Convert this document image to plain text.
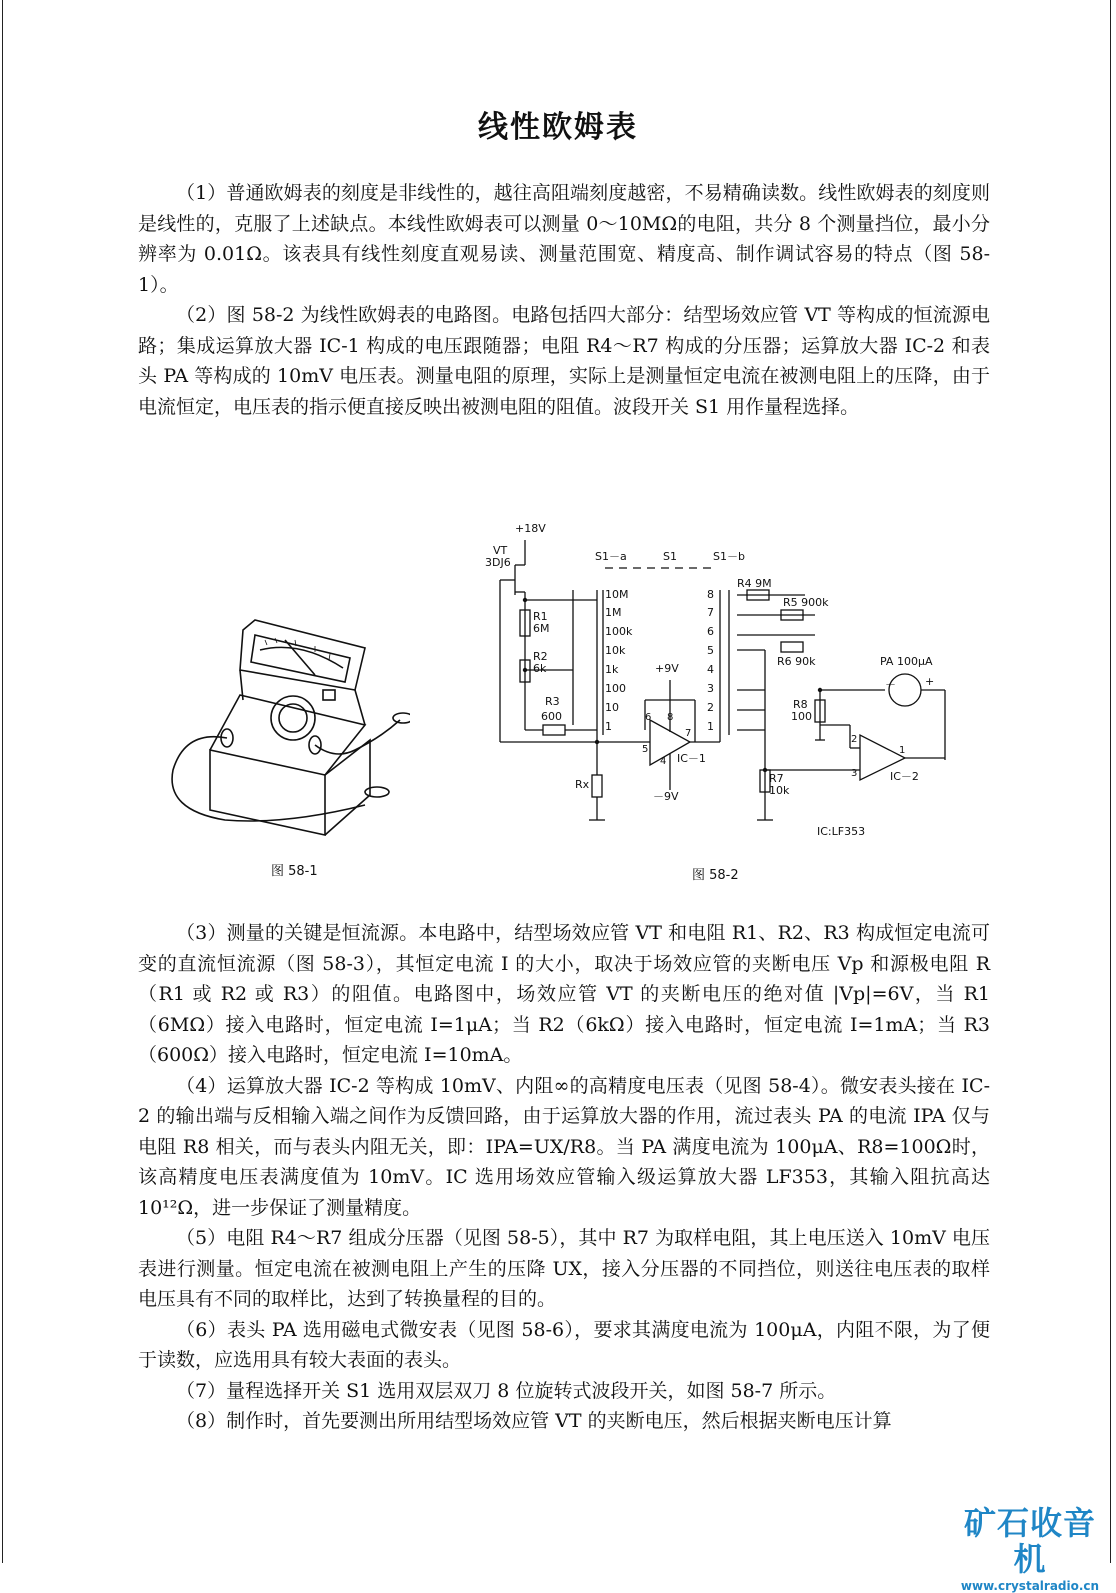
线性欧姆表

（1）普通欧姆表的刻度是非线性的，越往高阻端刻度越密，不易精确读数。线性欧姆表的刻度则是线性的，克服了上述缺点。本线性欧姆表可以测量 0～10MΩ的电阻，共分 8 个测量挡位，最小分辨率为 0.01Ω。该表具有线性刻度直观易读、测量范围宽、精度高、制作调试容易的特点（图 58-1）。

（2）图 58-2 为线性欧姆表的电路图。电路包括四大部分：结型场效应管 VT 等构成的恒流源电路；集成运算放大器 IC-1 构成的电压跟随器；电阻 R4～R7 构成的分压器；运算放大器 IC-2 和表头 PA 等构成的 10mV 电压表。测量电阻的原理，实际上是测量恒定电流在被测电阻上的压降，由于电流恒定，电压表的指示便直接反映出被测电阻的阻值。波段开关 S1 用作量程选择。

+18V
VT
3DJ6	S1－a	S1	S1－b
R1
6M
R2
6k
R3
600
10M
1M
100k
10k
1k
100
10
1
8
7
6
5
4
3
2
1
R4 9M
R5 900k
R6 90k
R7
10k
R8
100
Rx
+9V
－9V
IC－1
IC－2
PA 100μA
－	+
IC:LF353
6 8
7
5
4
2
3
1
图 58-1	图 58-2

（3）测量的关键是恒流源。本电路中，结型场效应管 VT 和电阻 R1、R2、R3 构成恒定电流可变的直流恒流源（图 58-3），其恒定电流 I 的大小，取决于场效应管的夹断电压 Vp 和源极电阻 R（R1 或 R2 或 R3）的阻值。电路图中，场效应管 VT 的夹断电压的绝对值 |Vp|=6V，当 R1（6MΩ）接入电路时，恒定电流 I=1μA；当 R2（6kΩ）接入电路时，恒定电流 I=1mA；当 R3（600Ω）接入电路时，恒定电流 I=10mA。

（4）运算放大器 IC-2 等构成 10mV、内阻∞的高精度电压表（见图 58-4）。微安表头接在 IC-2 的输出端与反相输入端之间作为反馈回路，由于运算放大器的作用，流过表头 PA 的电流 IPA 仅与电阻 R8 相关，而与表头内阻无关，即：IPA=UX/R8。当 PA 满度电流为 100μA、R8=100Ω时，该高精度电压表满度值为 10mV。IC 选用场效应管输入级运算放大器 LF353，其输入阻抗高达 10¹²Ω，进一步保证了测量精度。

（5）电阻 R4～R7 组成分压器（见图 58-5），其中 R7 为取样电阻，其上电压送入 10mV 电压表进行测量。恒定电流在被测电阻上产生的压降 UX，接入分压器的不同挡位，则送往电压表的取样电压具有不同的取样比，达到了转换量程的目的。

（6）表头 PA 选用磁电式微安表（见图 58-6），要求其满度电流为 100μA，内阻不限，为了便于读数，应选用具有较大表面的表头。

（7）量程选择开关 S1 选用双层双刀 8 位旋转式波段开关，如图 58-7 所示。

（8）制作时，首先要测出所用结型场效应管 VT 的夹断电压，然后根据夹断电压计算

矿石收音机
www.crystalradio.cn
